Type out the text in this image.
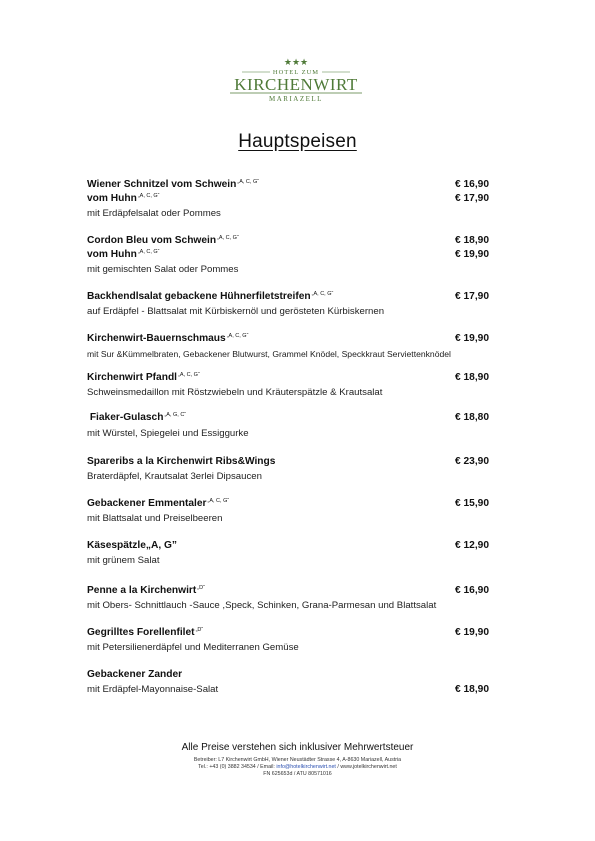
★★★
HOTEL ZUM
KIRCHENWIRT
MARIAZELL
Hauptspeisen
Wiener Schnitzel vom Schwein$^{„A, C, G“}$	€ 16,90
vom Huhn$^{„A, C, G“}$	€ 17,90
mit Erdäpfelsalat oder Pommes
Cordon Bleu vom Schwein$^{„A, C, G“}$	€ 18,90
vom Huhn$^{„A, C, G“}$	€ 19,90
mit gemischten Salat oder Pommes
Backhendlsalat gebackene Hühnerfiletstreifen$^{„A, C, G“}$	€ 17,90
auf Erdäpfel - Blattsalat mit Kürbiskernöl und gerösteten Kürbiskernen
Kirchenwirt-Bauernschmaus$^{„A, C, G“}$	€ 19,90
mit Sur &Kümmelbraten, Gebackener Blutwurst, Grammel Knödel, Speckkraut Serviettenknödel
Kirchenwirt Pfandl$^{„A, C, G“}$	€ 18,90
Schweinsmedaillon mit Röstzwiebeln und Kräuterspätzle & Krautsalat
Fiaker-Gulasch$^{„A, G, C“}$	€ 18,80
mit Würstel, Spiegelei und Essiggurke
Spareribs a la Kirchenwirt Ribs&Wings	€ 23,90
Braterdäpfel, Krautsalat 3erlei Dipsaucen
Gebackener Emmentaler$^{„A, C, G“}$	€ 15,90
mit Blattsalat und Preiselbeeren
Käsespätzle„A, G”	€ 12,90
mit grünem Salat
Penne a la Kirchenwirt$^{„D“}$	€ 16,90
mit Obers- Schnittlauch -Sauce ,Speck, Schinken, Grana-Parmesan und Blattsalat
Gegrilltes Forellenfilet$^{„D“}$	€ 19,90
mit Petersilienerdäpfel und Mediterranen Gemüse
Gebackener Zander
mit Erdäpfel-Mayonnaise-Salat	€ 18,90
Alle Preise verstehen sich inklusiver Mehrwertsteuer
Betreiber: L7 Kirchenwirt GmbH, Wiener Neustädter Strasse 4, A-8630 Mariazell, Austria
Tel.: +43 (0) 3882 34534 / Email: info@hotelkirchenwirt.net / www.jotelkirchenwirt.net
FN 625653d / ATU 80571016
